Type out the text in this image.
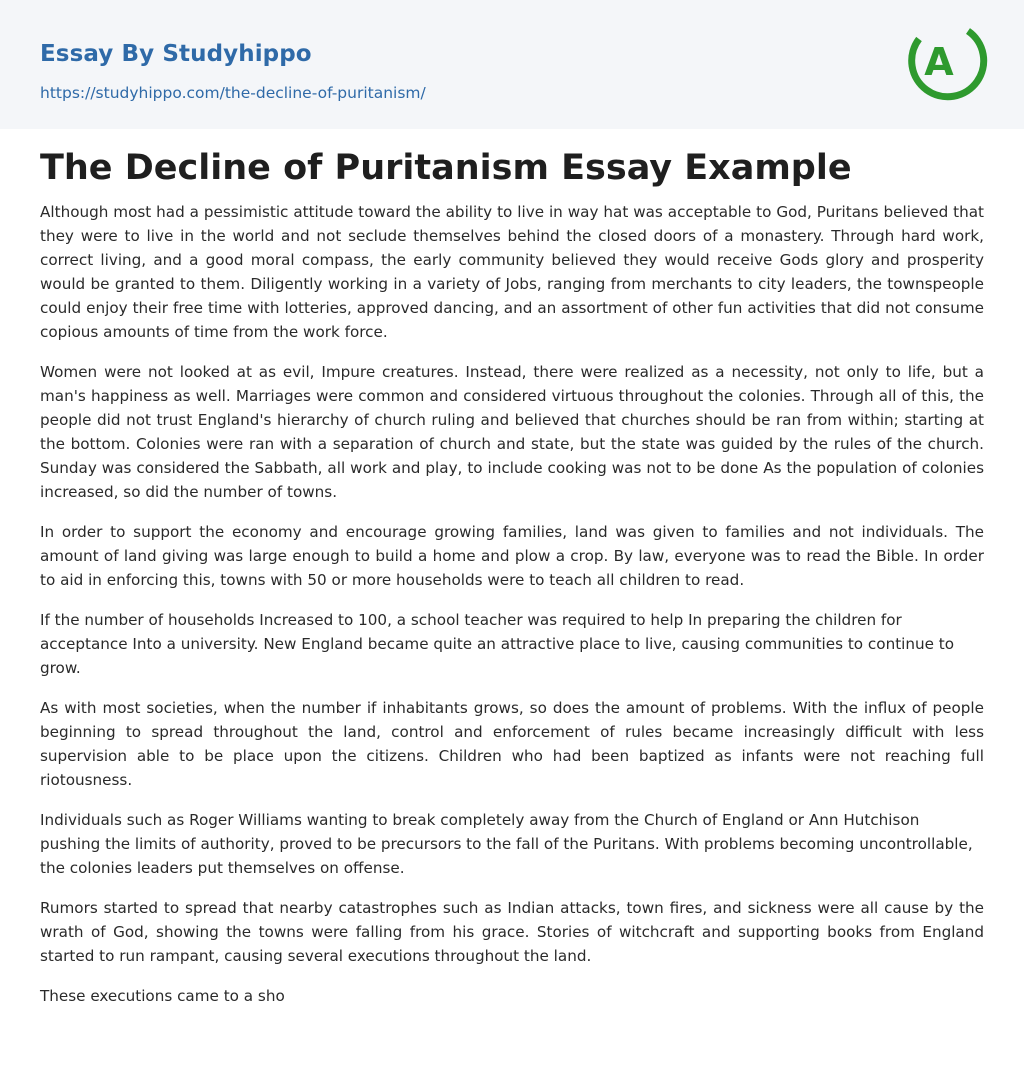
Essay By Studyhippo
https://studyhippo.com/the-decline-of-puritanism/
A
The Decline of Puritanism Essay Example

Although most had a pessimistic attitude toward the ability to live in way hat was acceptable to God, Puritans believed that they were to live in the world and not seclude themselves behind the closed doors of a monastery. Through hard work, correct living, and a good moral compass, the early community believed they would receive Gods glory and prosperity would be granted to them. Diligently working in a variety of Jobs, ranging from merchants to city leaders, the townspeople could enjoy their free time with lotteries, approved dancing, and an assortment of other fun activities that did not consume copious amounts of time from the work force.

Women were not looked at as evil, Impure creatures. Instead, there were realized as a necessity, not only to life, but a man's happiness as well. Marriages were common and considered virtuous throughout the colonies. Through all of this, the people did not trust England's hierarchy of church ruling and believed that churches should be ran from within; starting at the bottom. Colonies were ran with a separation of church and state, but the state was guided by the rules of the church. Sunday was considered the Sabbath, all work and play, to include cooking was not to be done As the population of colonies increased, so did the number of towns.

In order to support the economy and encourage growing families, land was given to families and not individuals. The amount of land giving was large enough to build a home and plow a crop. By law, everyone was to read the Bible. In order to aid in enforcing this, towns with 50 or more households were to teach all children to read.

If the number of households Increased to 100, a school teacher was required to help In preparing the children for acceptance Into a university. New England became quite an attractive place to live, causing communities to continue to grow.

As with most societies, when the number if inhabitants grows, so does the amount of problems. With the influx of people beginning to spread throughout the land, control and enforcement of rules became increasingly difficult with less supervision able to be place upon the citizens. Children who had been baptized as infants were not reaching full riotousness.

Individuals such as Roger Williams wanting to break completely away from the Church of England or Ann Hutchison pushing the limits of authority, proved to be precursors to the fall of the Puritans. With problems becoming uncontrollable, the colonies leaders put themselves on offense.

Rumors started to spread that nearby catastrophes such as Indian attacks, town fires, and sickness were all cause by the wrath of God, showing the towns were falling from his grace. Stories of witchcraft and supporting books from England started to run rampant, causing several executions throughout the land.

These executions came to a sho
